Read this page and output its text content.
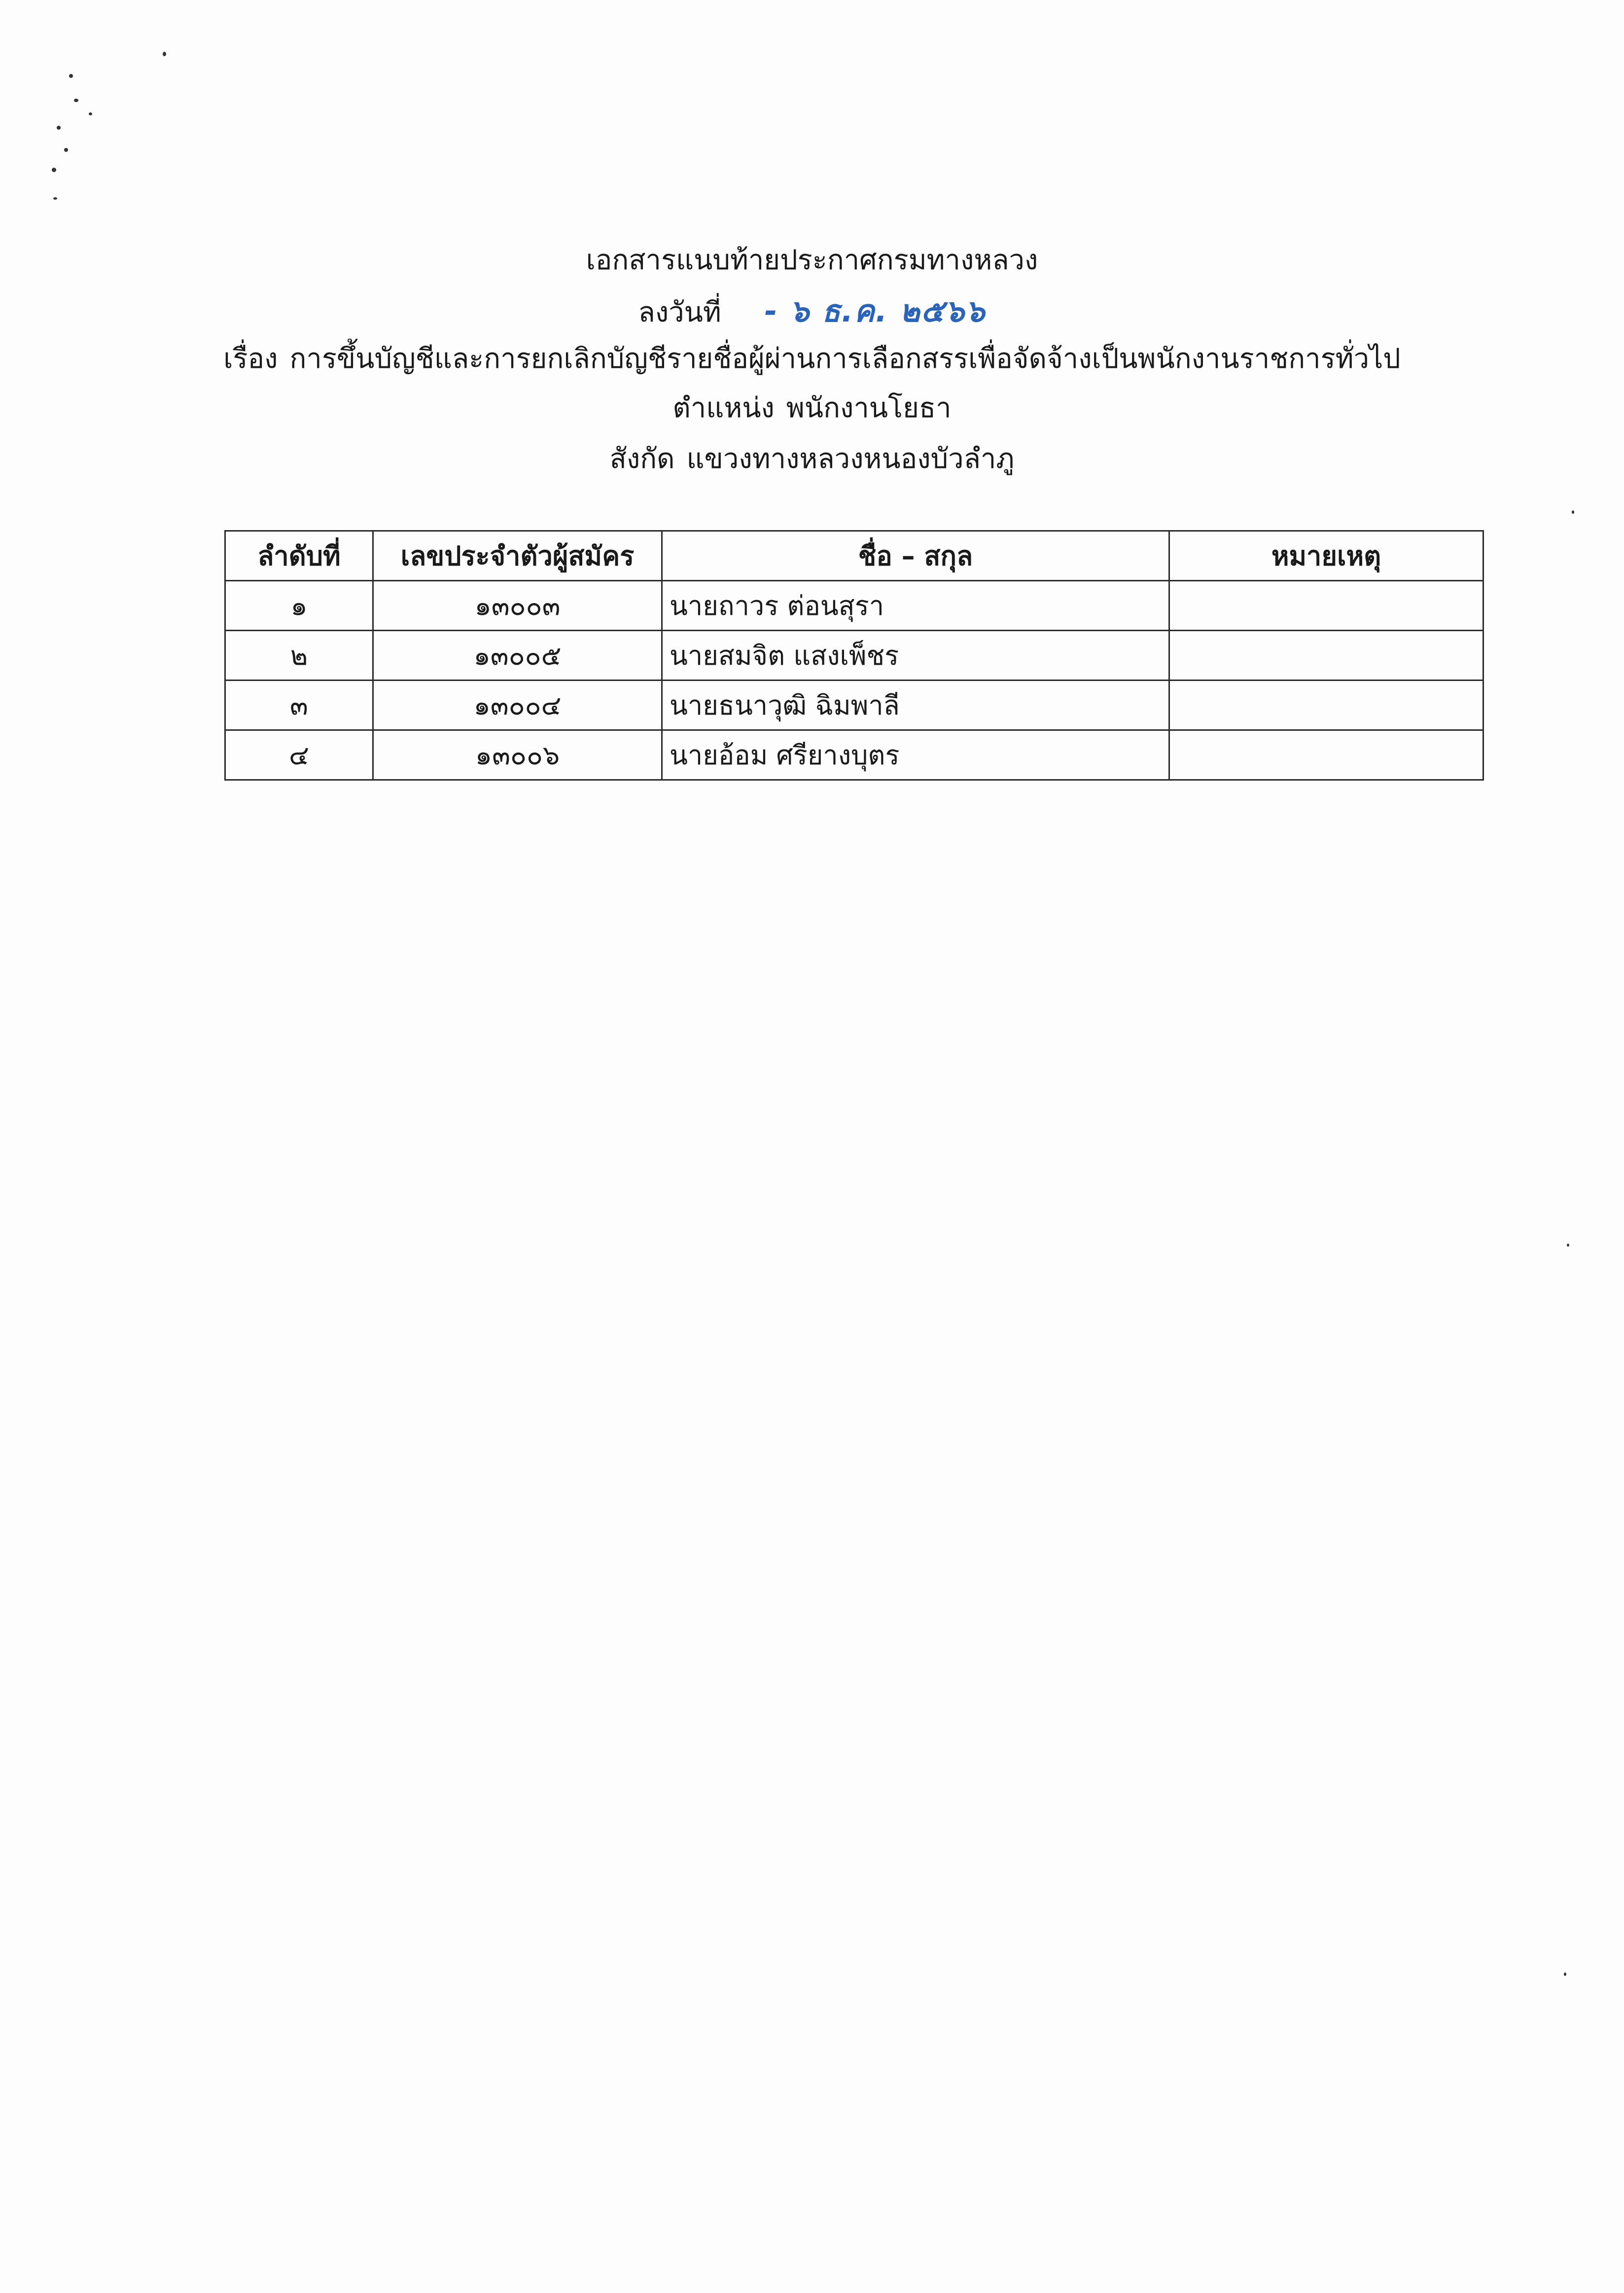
เอกสารแนบท้ายประกาศกรมทางหลวง
ลงวันที่ - ๖ ธ.ค. ๒๕๖๖
เรื่อง การขึ้นบัญชีและการยกเลิกบัญชีรายชื่อผู้ผ่านการเลือกสรรเพื่อจัดจ้างเป็นพนักงานราชการทั่วไป
ตำแหน่ง พนักงานโยธา
สังกัด แขวงทางหลวงหนองบัวลำภู
ลำดับที่	เลขประจำตัวผู้สมัคร	ชื่อ – สกุล	หมายเหตุ
๑	๑๓๐๐๓	นายถาวร ต่อนสุรา	
๒	๑๓๐๐๕	นายสมจิต แสงเพ็ชร	
๓	๑๓๐๐๔	นายธนาวุฒิ ฉิมพาลี	
๔	๑๓๐๐๖	นายอ้อม ศรียางบุตร	
